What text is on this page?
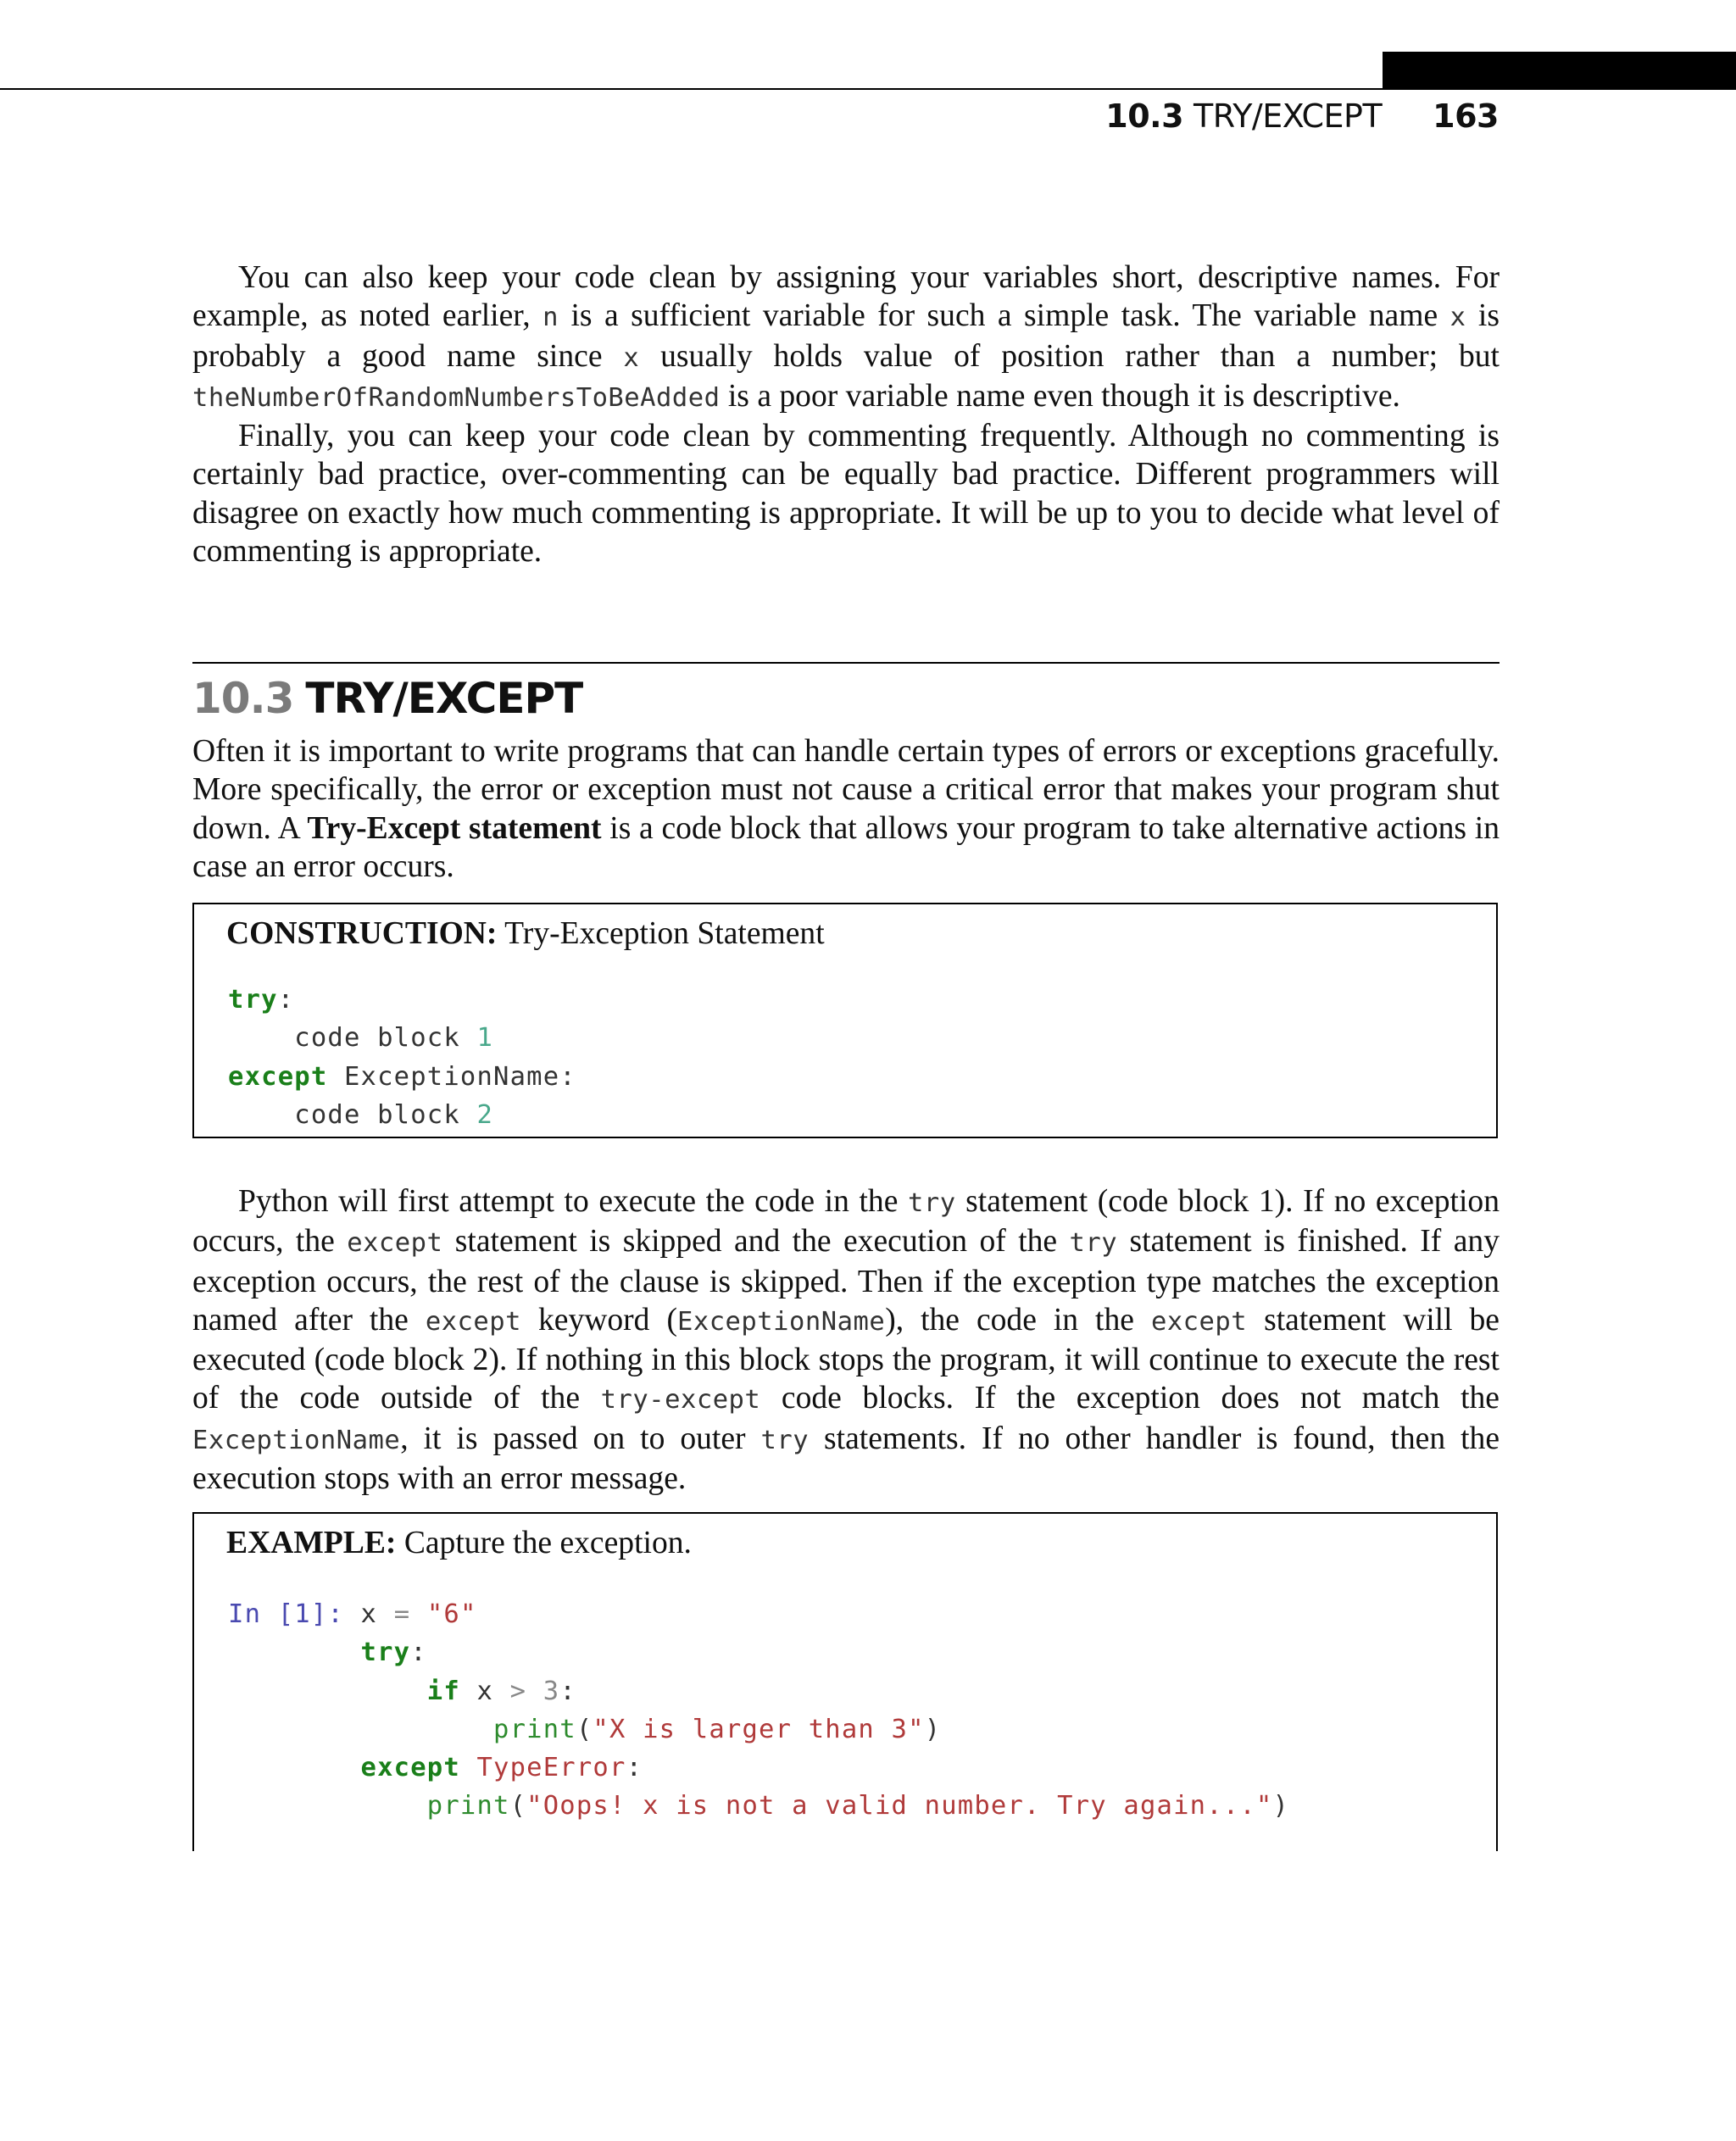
10.3 TRY/EXCEPT 163

You can also keep your code clean by assigning your variables short, descriptive names. For example, as noted earlier, n is a sufficient variable for such a simple task. The variable name x is probably a good name since x usually holds value of position rather than a number; but theNumberOfRandomNumbersToBeAdded is a poor variable name even though it is descriptive.

Finally, you can keep your code clean by commenting frequently. Although no commenting is certainly bad practice, over-commenting can be equally bad practice. Different programmers will disagree on exactly how much commenting is appropriate. It will be up to you to decide what level of commenting is appropriate.

10.3 TRY/EXCEPT

Often it is important to write programs that can handle certain types of errors or exceptions gracefully. More specifically, the error or exception must not cause a critical error that makes your program shut down. A Try-Except statement is a code block that allows your program to take alternative actions in case an error occurs.

CONSTRUCTION: Try-Exception Statement
try:
code block 1
except ExceptionName:
code block 2

Python will first attempt to execute the code in the try statement (code block 1). If no exception occurs, the except statement is skipped and the execution of the try statement is finished. If any exception occurs, the rest of the clause is skipped. Then if the exception type matches the exception named after the except keyword (ExceptionName), the code in the except statement will be executed (code block 2). If nothing in this block stops the program, it will continue to execute the rest of the code outside of the try-except code blocks. If the exception does not match the ExceptionName, it is passed on to outer try statements. If no other handler is found, then the execution stops with an error message.

EXAMPLE: Capture the exception.
In [1]: x = "6"
try:
if x > 3:
print("X is larger than 3")
except TypeError:
print("Oops! x is not a valid number. Try again...")
